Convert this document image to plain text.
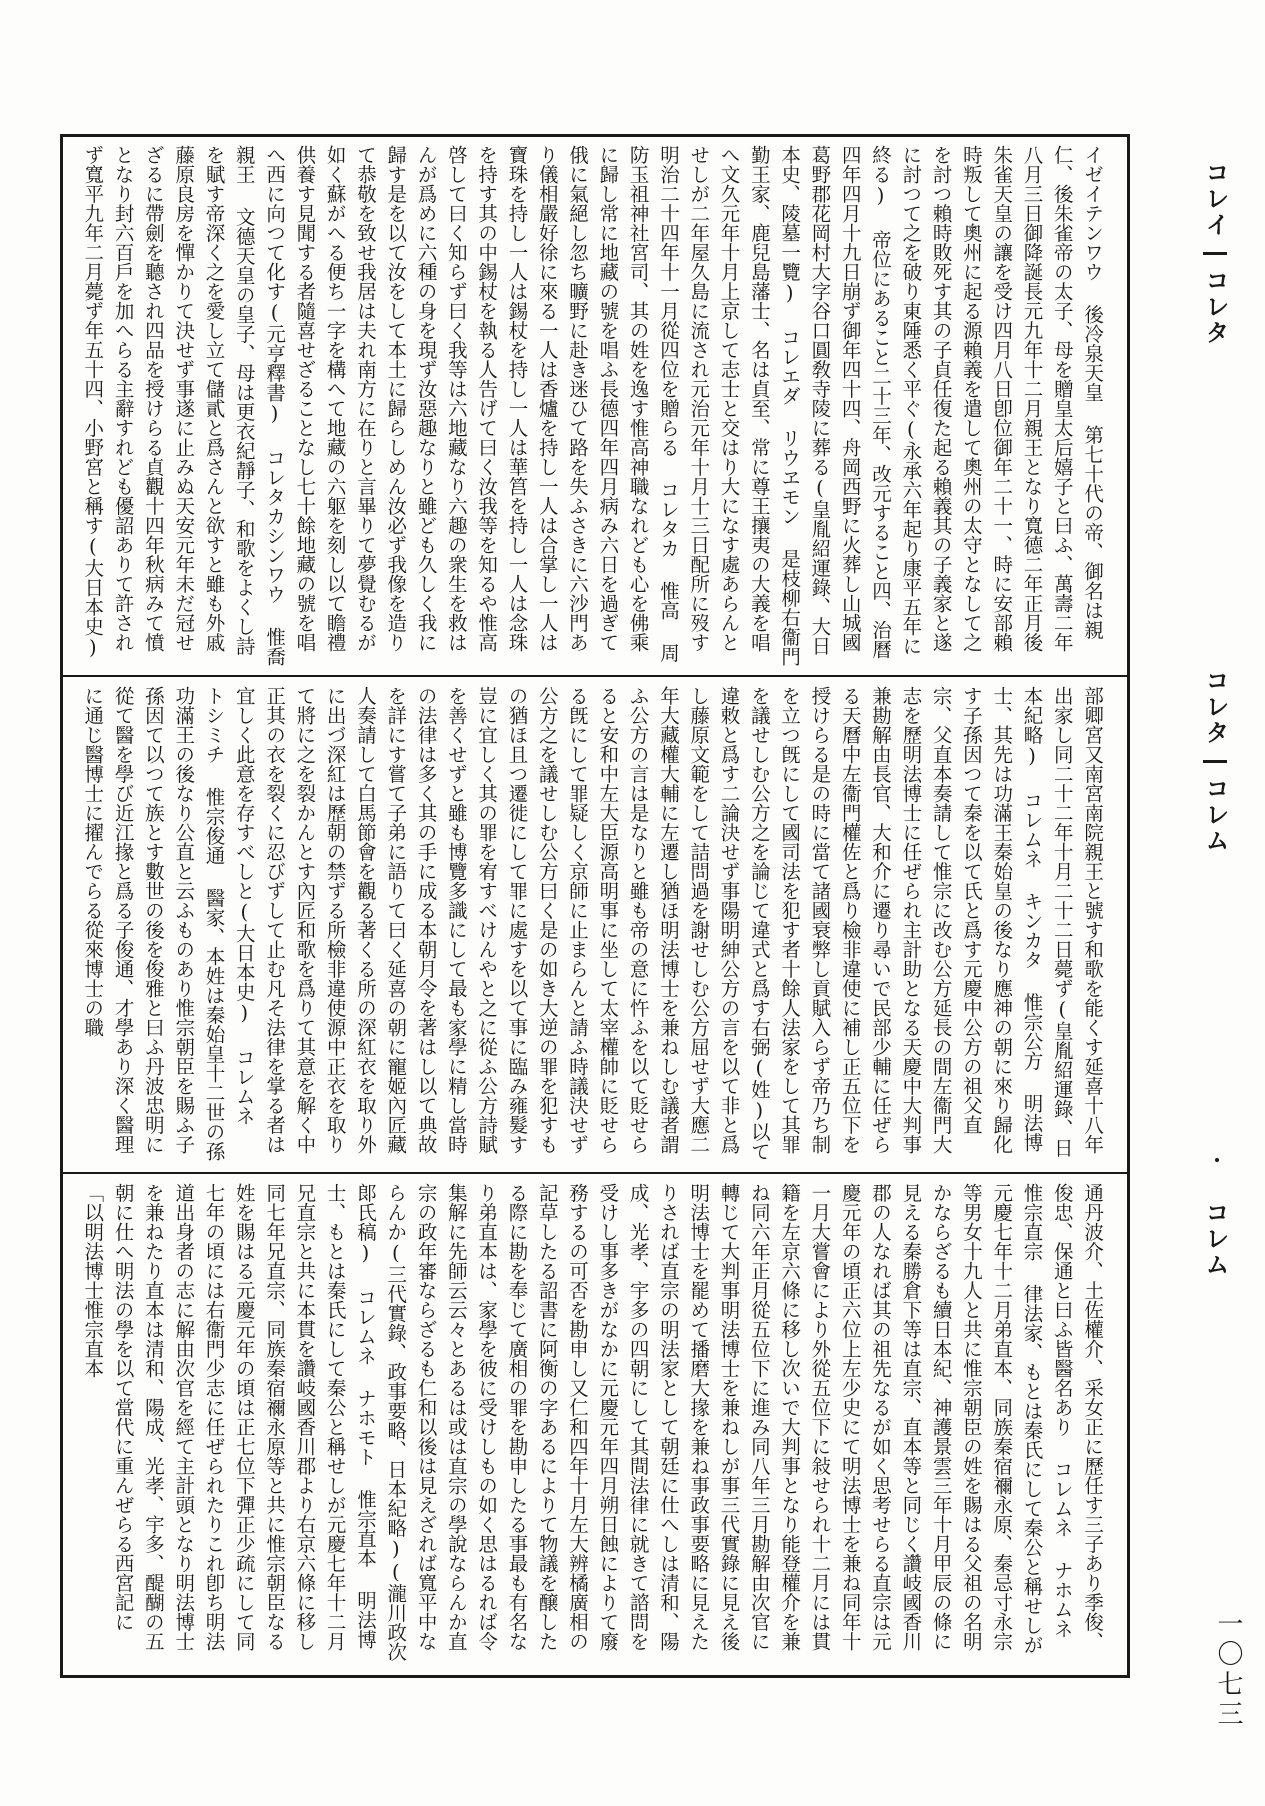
イゼイテンワウ 後冷泉天皇 第七十代の帝、御名は親仁、後朱雀帝の太子、母を贈皇太后嬉子と曰ふ、萬壽二年八月三日御降誕長元九年十二月親王となり寬德二年正月後朱雀天皇の讓を受け四月八日卽位御年二十一、時に安部賴時叛して奧州に起る源賴義を遣して奧州の太守となして之を討つ賴時敗死す其の子貞任復た起る賴義其の子義家と遂に討つて之を破り東陲悉く平ぐ(永承六年起り康平五年に終る) 帝位にあること二十三年、改元すること四、治曆四年四月十九日崩ず御年四十四、舟岡西野に火葬し山城國葛野郡花岡村大字谷口圓敎寺陵に葬る(皇胤紹運錄、大日本史、陵墓一覽) コレエダ リウヱモン 是枝柳右衞門 勤王家、鹿兒島藩士、名は貞至、常に尊王攘夷の大義を唱へ文久元年十月上京して志士と交はり大になす處あらんとせしが二年屋久島に流され元治元年十月十三日配所に歿す明治二十四年十一月從四位を贈らる コレタカ 惟高 周防玉祖神社宮司、其の姓を逸す惟高神職なれども心を佛乘に歸し常に地藏の號を唱ふ長德四年四月病み六日を過ぎて俄に氣絕し忽ち曠野に赴き迷ひて路を失ふさきに六沙門あり儀相嚴好徐に來る一人は香爐を持し一人は合掌し一人は寶珠を持し一人は錫杖を持し一人は華筥を持し一人は念珠を持す其の中錫杖を執る人告げて曰く汝我等を知るや惟高啓して曰く知らず曰く我等は六地藏なり六趣の衆生を救はんが爲めに六種の身を現ず汝惡趣なりと雖ども久しく我に歸す是を以て汝をして本土に歸らしめん汝必ず我像を造りて恭敬を致せ我居は夫れ南方に在りと言畢りて夢覺むるが如く蘇がへる便ち一字を構へて地藏の六躯を刻し以て瞻禮供養す見聞する者隨喜せざることなし七十餘地藏の號を唱へ西に向つて化す(元亨釋書) コレタカシンワウ 惟喬親王 文德天皇の皇子、母は更衣紀靜子、和歌をよくし詩を賦す帝深く之を愛し立て儲貳と爲さんと欲すと雖も外戚藤原良房を憚かりて決せず事遂に止みぬ天安元年未だ冠せざるに帶劍を聽され四品を授けらる貞觀十四年秋病みて憤となり封六百戶を加へらる主辭すれども優詔ありて許されず寬平九年二月薨ず年五十四、小野宮と稱す(大日本史)
部卿宮又南宮南院親王と號す和歌を能くす延喜十八年出家し同二十二年十月二十二日薨ず(皇胤紹運錄、日本紀略) コレムネ キンカタ 惟宗公方 明法博士、其先は功滿王秦始皇の後なり應神の朝に來り歸化す子孫因つて秦を以て氏と爲す元慶中公方の祖父直宗、父直本奏請して惟宗に改む公方延長の間左衞門大志を歷明法博士に任ぜられ主計助となる天慶中大判事兼勘解由長官、大和介に遷り尋いで民部少輔に任ぜらる天曆中左衞門權佐と爲り檢非違使に補し正五位下を授けらる是の時に當て諸國衰弊し貢賦入らず帝乃ち制を立つ旣にして國司法を犯す者十餘人法家をして其罪を議せしむ公方之を論じて違式と爲す右弼(姓)以て違敕と爲す二論決せず事陽明紳公方の言を以て非と爲し藤原文範をして詰問過を謝せしむ公方屈せず大應二年大藏權大輔に左遷し猶ほ明法博士を兼ねしむ議者謂ふ公方の言は是なりと雖も帝の意に忤ふを以て貶せらると安和中左大臣源高明事に坐して太宰權帥に貶せらる旣にして罪疑しく京師に止まらんと請ふ時議決せず公方之を議せしむ公方曰く是の如き大逆の罪を犯すもの猶ほ且つ遷徙にして罪に處すを以て事に臨み雍髮す豈に宜しく其の罪を宥すべけんやと之に從ふ公方詩賦を善くせずと雖も博覽多識にして最も家學に精し當時の法律は多く其の手に成る本朝月令を著はし以て典故を詳にす嘗て子弟に語りて曰く延喜の朝に寵姬內匠藏人奏請して白馬節會を觀る著くる所の深紅衣を取り外に出づ深紅は歷朝の禁ずる所檢非違使源中正衣を取りて將に之を裂かんとす內匠和歌を爲りて其意を解く中正其の衣を裂くに忍びずして止む凡そ法律を掌る者は宜しく此意を存すべしと(大日本史) コレムネ トシミチ 惟宗俊通 醫家、本姓は秦始皇十二世の孫功滿王の後なり公直と云ふものあり惟宗朝臣を賜ふ子孫因て以つて族とす數世の後を俊雅と曰ふ丹波忠明に從て醫を學び近江掾と爲る子俊通、才學あり深く醫理に通じ醫博士に擢んでらる從來博士の職
通丹波介、土佐權介、采女正に歷任す三子あり季俊、俊忠、保通と曰ふ皆醫名あり コレムネ ナホムネ 惟宗直宗 律法家、もとは秦氏にして秦公と稱せしが元慶七年十二月弟直本、同族秦宿禰永原、秦忌寸永宗等男女十九人と共に惟宗朝臣の姓を賜はる父祖の名明かならざるも續日本紀、神護景雲三年十月甲辰の條に見える秦勝倉下等は直宗、直本等と同じく讚岐國香川郡の人なれば其の祖先なるが如く思考せらる直宗は元慶元年の頃正六位上左少史にて明法博士を兼ね同年十一月大嘗會により外從五位下に敍せられ十二月には貫籍を左京六條に移し次いで大判事となり能登權介を兼ね同六年正月從五位下に進み同八年三月勘解由次官に轉じて大判事明法博士を兼ねしが事三代實錄に見え後明法博士を罷めて播磨大掾を兼ね事政事要略に見えたりされば直宗の明法家として朝廷に仕へしは清和、陽成、光孝、宇多の四朝にして其間法律に就きて諮問を受けし事多きがなかに元慶元年四月朔日蝕によりて廢務するの可否を勘申し又仁和四年十月左大辨橘廣相の記草したる詔書に阿衡の字あるによりて物議を醸したる際に勘を奉じて廣相の罪を勘申したる事最も有名なり弟直本は、家學を彼に受けしもの如く思はるれば令集解に先師云云々とあるは或は直宗の學說ならんか直宗の政年審ならざるも仁和以後は見えざれば寬平中ならんか(三代實錄、政事要略、日本紀略)(瀧川政次郞氏稿) コレムネ ナホモト 惟宗直本 明法博士、もとは秦氏にして秦公と稱せしが元慶七年十二月兄直宗と共に本貫を讚岐國香川郡より右京六條に移し同七年兄直宗、同族秦宿禰永原等と共に惟宗朝臣なる姓を賜はる元慶元年の頃は正七位下彈正少疏にして同七年の頃には右衞門少志に任ぜられたりこれ卽ち明法道出身者の志に解由次官を經て主計頭となり明法博士を兼ねたり直本は清和、陽成、光孝、宇多、醍醐の五朝に仕へ明法の學を以て當代に重んぜらる西宮記に「以明法博士惟宗直本
コレイ―コレタ
コレタ―コレム
コレム
一〇七三
